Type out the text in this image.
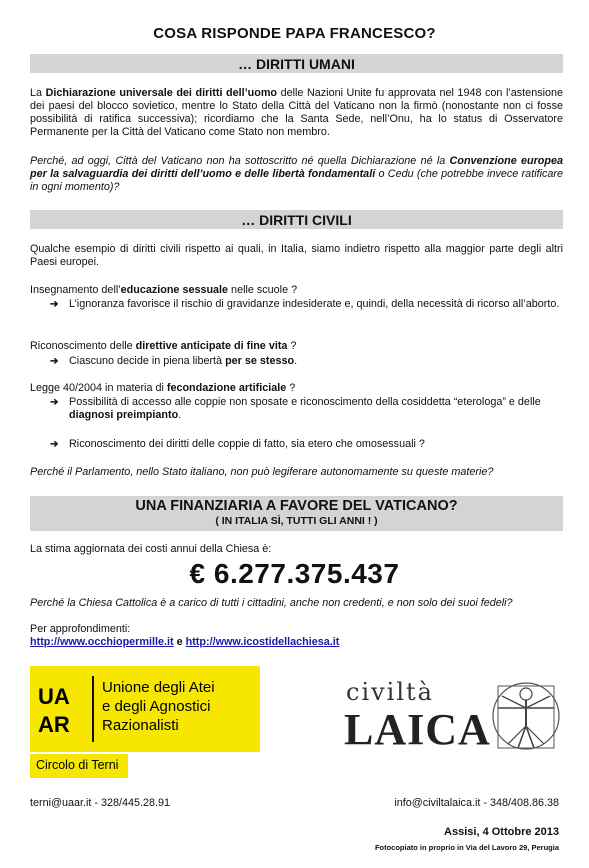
COSA RISPONDE PAPA FRANCESCO?
… DIRITTI UMANI
La Dichiarazione universale dei diritti dell’uomo delle Nazioni Unite fu approvata nel 1948 con l’astensione dei paesi del blocco sovietico, mentre lo Stato della Città del Vaticano non la firmò (nonostante non ci fosse possibilità di ratifica successiva); ricordiamo che la Santa Sede, nell’Onu, ha lo status di Osservatore Permanente per la Città del Vaticano come Stato non membro.
Perché, ad oggi, Città del Vaticano non ha sottoscritto né quella Dichiarazione né la Convenzione europea per la salvaguardia dei diritti dell’uomo e delle libertà fondamentali o Cedu (che potrebbe invece ratificare in ogni momento)?
… DIRITTI CIVILI
Qualche esempio di diritti civili rispetto ai quali, in Italia, siamo indietro rispetto alla maggior parte degli altri Paesi europei.
Insegnamento dell’educazione sessuale nelle scuole ?
➔ L’ignoranza favorisce il rischio di gravidanze indesiderate e, quindi, della necessità di ricorso all’aborto.
Riconoscimento delle direttive anticipate di fine vita ?
➔ Ciascuno decide in piena libertà per se stesso.
Legge 40/2004 in materia di fecondazione artificiale ?
➔ Possibilità di accesso alle coppie non sposate e riconoscimento della cosiddetta “eterologa” e delle diagnosi preimpianto.
➔ Riconoscimento dei diritti delle coppie di fatto, sia etero che omosessuali ?
Perché il Parlamento, nello Stato italiano, non può legiferare autonomamente su queste materie?
UNA FINANZIARIA A FAVORE DEL VATICANO?
( IN ITALIA SÌ, TUTTI GLI ANNI ! )
La stima aggiornata dei costi annui della Chiesa è:
€ 6.277.375.437
Perché la Chiesa Cattolica è a carico di tutti i cittadini, anche non credenti, e non solo dei suoi fedeli?
Per approfondimenti:
http://www.occhiopermille.it e http://www.icostidellachiesa.it
UA
AR
Unione degli Atei
e degli Agnostici
Razionalisti
Circolo di Terni
civiltà
LAICA
terni@uaar.it - 328/445.28.91	info@civiltalaica.it - 348/408.86.38
Assisi, 4 Ottobre 2013
Fotocopiato in proprio in Via del Lavoro 29, Perugia
